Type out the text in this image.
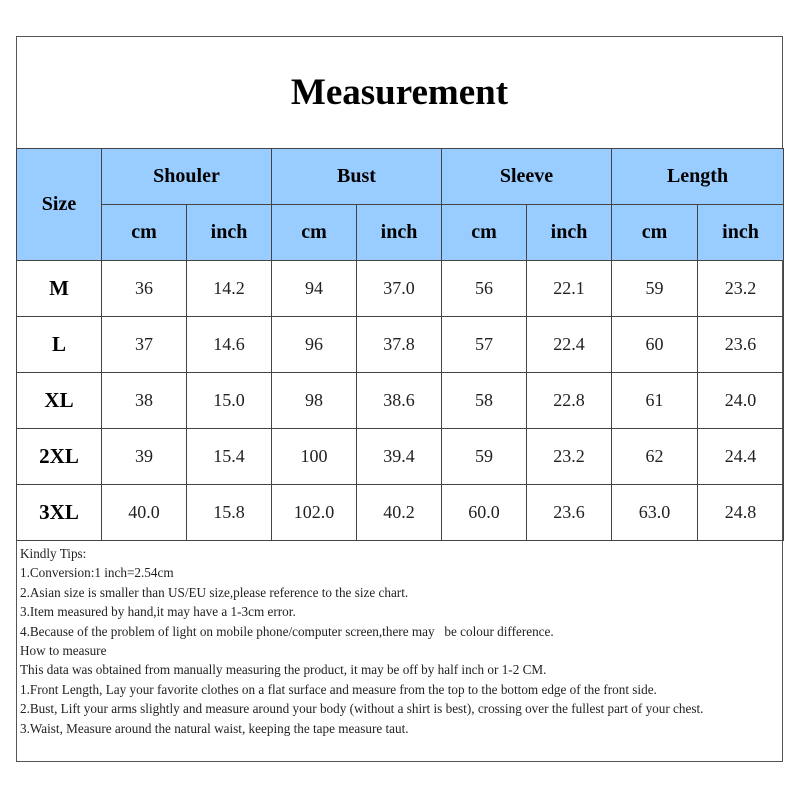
Measurement
Size	Shouler		Bust		Sleeve		Length	
	cm	inch	cm	inch	cm	inch	cm	inch
M	36	14.2	94	37.0	56	22.1	59	23.2
L	37	14.6	96	37.8	57	22.4	60	23.6
XL	38	15.0	98	38.6	58	22.8	61	24.0
2XL	39	15.4	100	39.4	59	23.2	62	24.4
3XL	40.0	15.8	102.0	40.2	60.0	23.6	63.0	24.8
Kindly Tips:
1.Conversion:1 inch=2.54cm
2.Asian size is smaller than US/EU size,please reference to the size chart.
3.Item measured by hand,it may have a 1-3cm error.
4.Because of the problem of light on mobile phone/computer screen,there may   be colour difference.
How to measure
This data was obtained from manually measuring the product, it may be off by half inch or 1-2 CM.
1.Front Length, Lay your favorite clothes on a flat surface and measure from the top to the bottom edge of the front side.
2.Bust, Lift your arms slightly and measure around your body (without a shirt is best), crossing over the fullest part of your chest.
3.Waist, Measure around the natural waist, keeping the tape measure taut.
